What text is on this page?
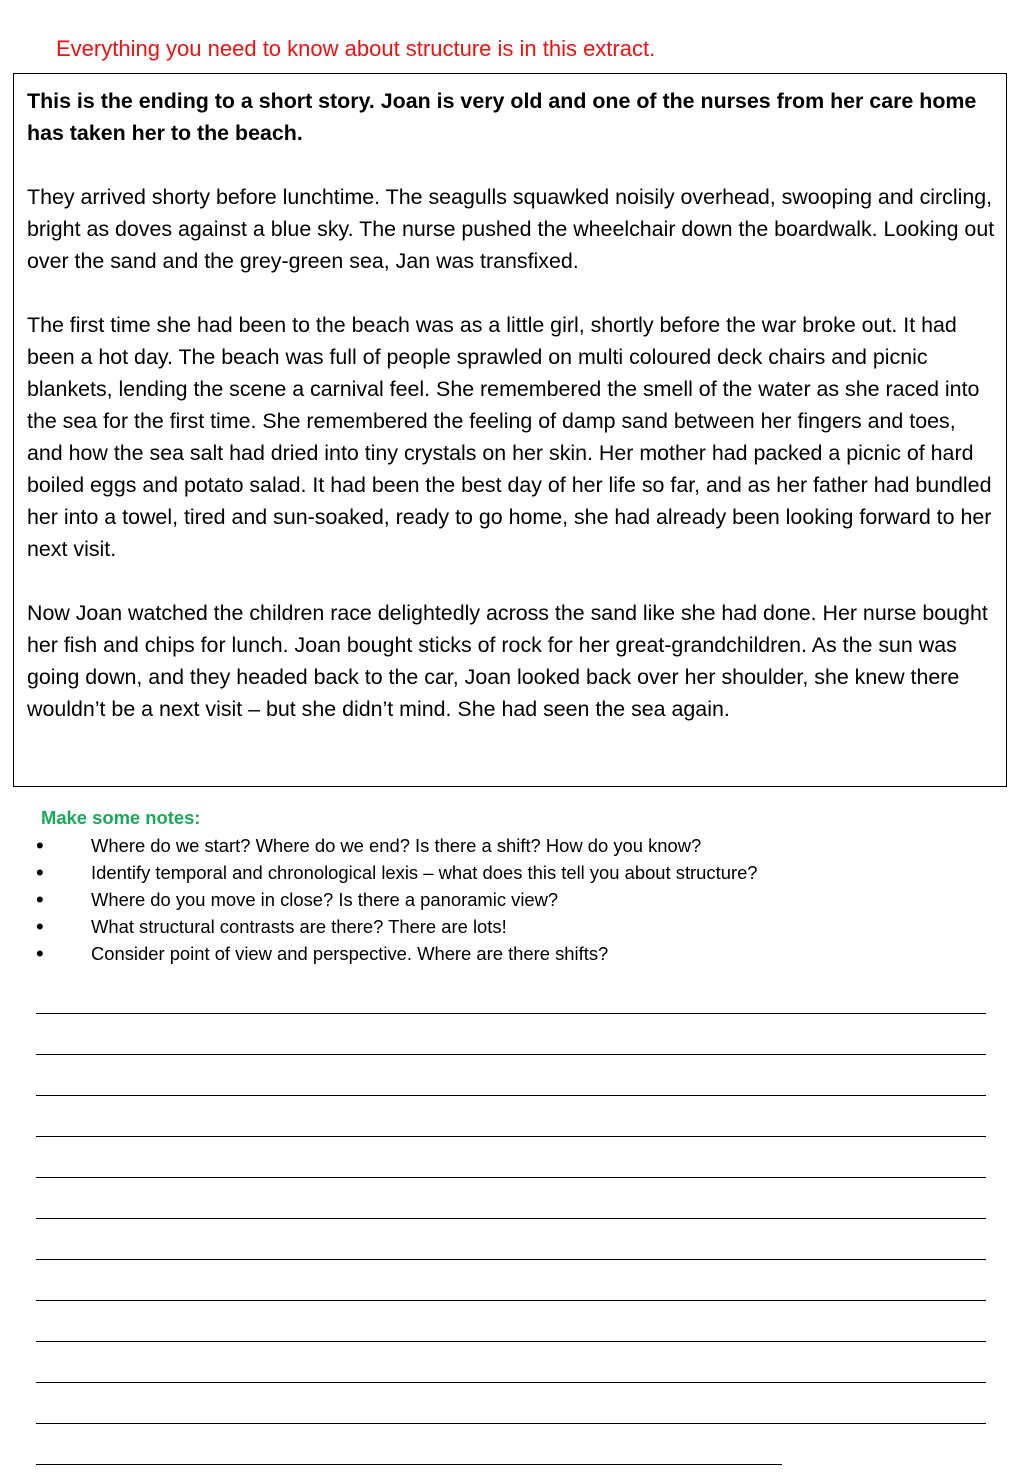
Everything you need to know about structure is in this extract.

This is the ending to a short story. Joan is very old and one of the nurses from her care home has taken her to the beach.

They arrived shorty before lunchtime. The seagulls squawked noisily overhead, swooping and circling, bright as doves against a blue sky. The nurse pushed the wheelchair down the boardwalk. Looking out over the sand and the grey-green sea, Jan was transfixed.

The first time she had been to the beach was as a little girl, shortly before the war broke out. It had been a hot day. The beach was full of people sprawled on multi coloured deck chairs and picnic blankets, lending the scene a carnival feel. She remembered the smell of the water as she raced into the sea for the first time. She remembered the feeling of damp sand between her fingers and toes, and how the sea salt had dried into tiny crystals on her skin. Her mother had packed a picnic of hard boiled eggs and potato salad. It had been the best day of her life so far, and as her father had bundled her into a towel, tired and sun-soaked, ready to go home, she had already been looking forward to her next visit.

Now Joan watched the children race delightedly across the sand like she had done. Her nurse bought her fish and chips for lunch. Joan bought sticks of rock for her great-grandchildren. As the sun was going down, and they headed back to the car, Joan looked back over her shoulder, she knew there wouldn’t be a next visit – but she didn’t mind. She had seen the sea again.

Make some notes:
•	Where do we start? Where do we end? Is there a shift? How do you know?
•	Identify temporal and chronological lexis – what does this tell you about structure?
•	Where do you move in close? Is there a panoramic view?
•	What structural contrasts are there? There are lots!
•	Consider point of view and perspective. Where are there shifts?
